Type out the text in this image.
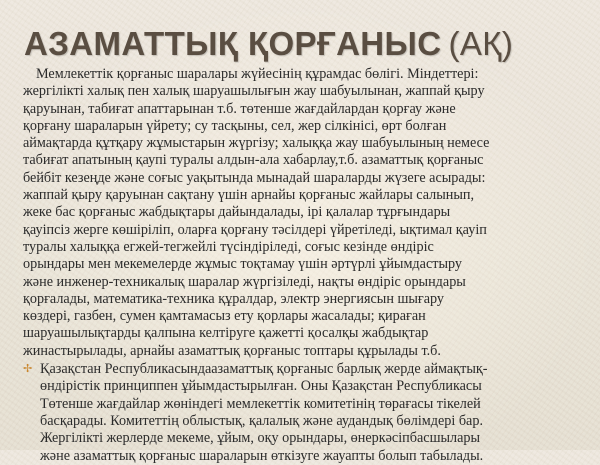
АЗАМАТТЫҚ ҚОРҒАНЫС (АҚ)
Мемлекеттік қорғаныс шаралары жүйесінің құрамдас бөлігі. Міндеттері:
жергілікті халық пен халық шаруашылығын жау шабуылынан, жаппай қыру
қаруынан, табиғат апаттарынан т.б. төтенше жағдайлардан қорғау және
қорғану шараларын үйрету; су тасқыны, сел, жер сілкінісі, өрт болған
аймақтарда құтқару жұмыстарын жүргізу; халыққа жау шабуылының немесе
табиғат апатының қаупі туралы алдын-ала хабарлау,т.б. азаматтық қорғаныс
бейбіт кезеңде және соғыс уақытында мынадай шараларды жүзеге асырады:
жаппай қыру қаруынан сақтану үшін арнайы қорғаныс жайлары салынып,
жеке бас қорғаныс жабдықтары дайындалады, ірі қалалар тұрғындары
қауіпсіз жерге көшіріліп, оларға қорғану тәсілдері үйретіледі, ықтимал қауіп
туралы халыққа егжей-тегжейлі түсіндіріледі, соғыс кезінде өндіріс
орындары мен мекемелерде жұмыс тоқтамау үшін әртүрлі ұйымдастыру
және инженер-техникалық шаралар жүргізіледі, нақты өндіріс орындары
қорғалады, математика-техника құралдар, электр энергиясын шығару
көздері, газбен, сумен қамтамасыз ету қорлары жасалады; қираған
шаруашылықтарды қалпына келтіруге қажетті қосалқы жабдықтар
жинастырылады, арнайы азаматтық қорғаныс топтары құрылады т.б.
✢ Қазақстан Республикасындаазаматтық қорғаныс барлық жерде аймақтық-
өндірістік принциппен ұйымдастырылған. Оны Қазақстан Республикасы
Төтенше жағдайлар жөніндегі мемлекеттік комитетінің төрағасы тікелей
басқарады. Комитеттің облыстық, қалалық және аудандық бөлімдері бар.
Жергілікті жерлерде мекеме, ұйым, оқу орындары, өнеркәсіпбасшылары
және азаматтық қорғаныс шараларын өткізуге жауапты болып табылады.
